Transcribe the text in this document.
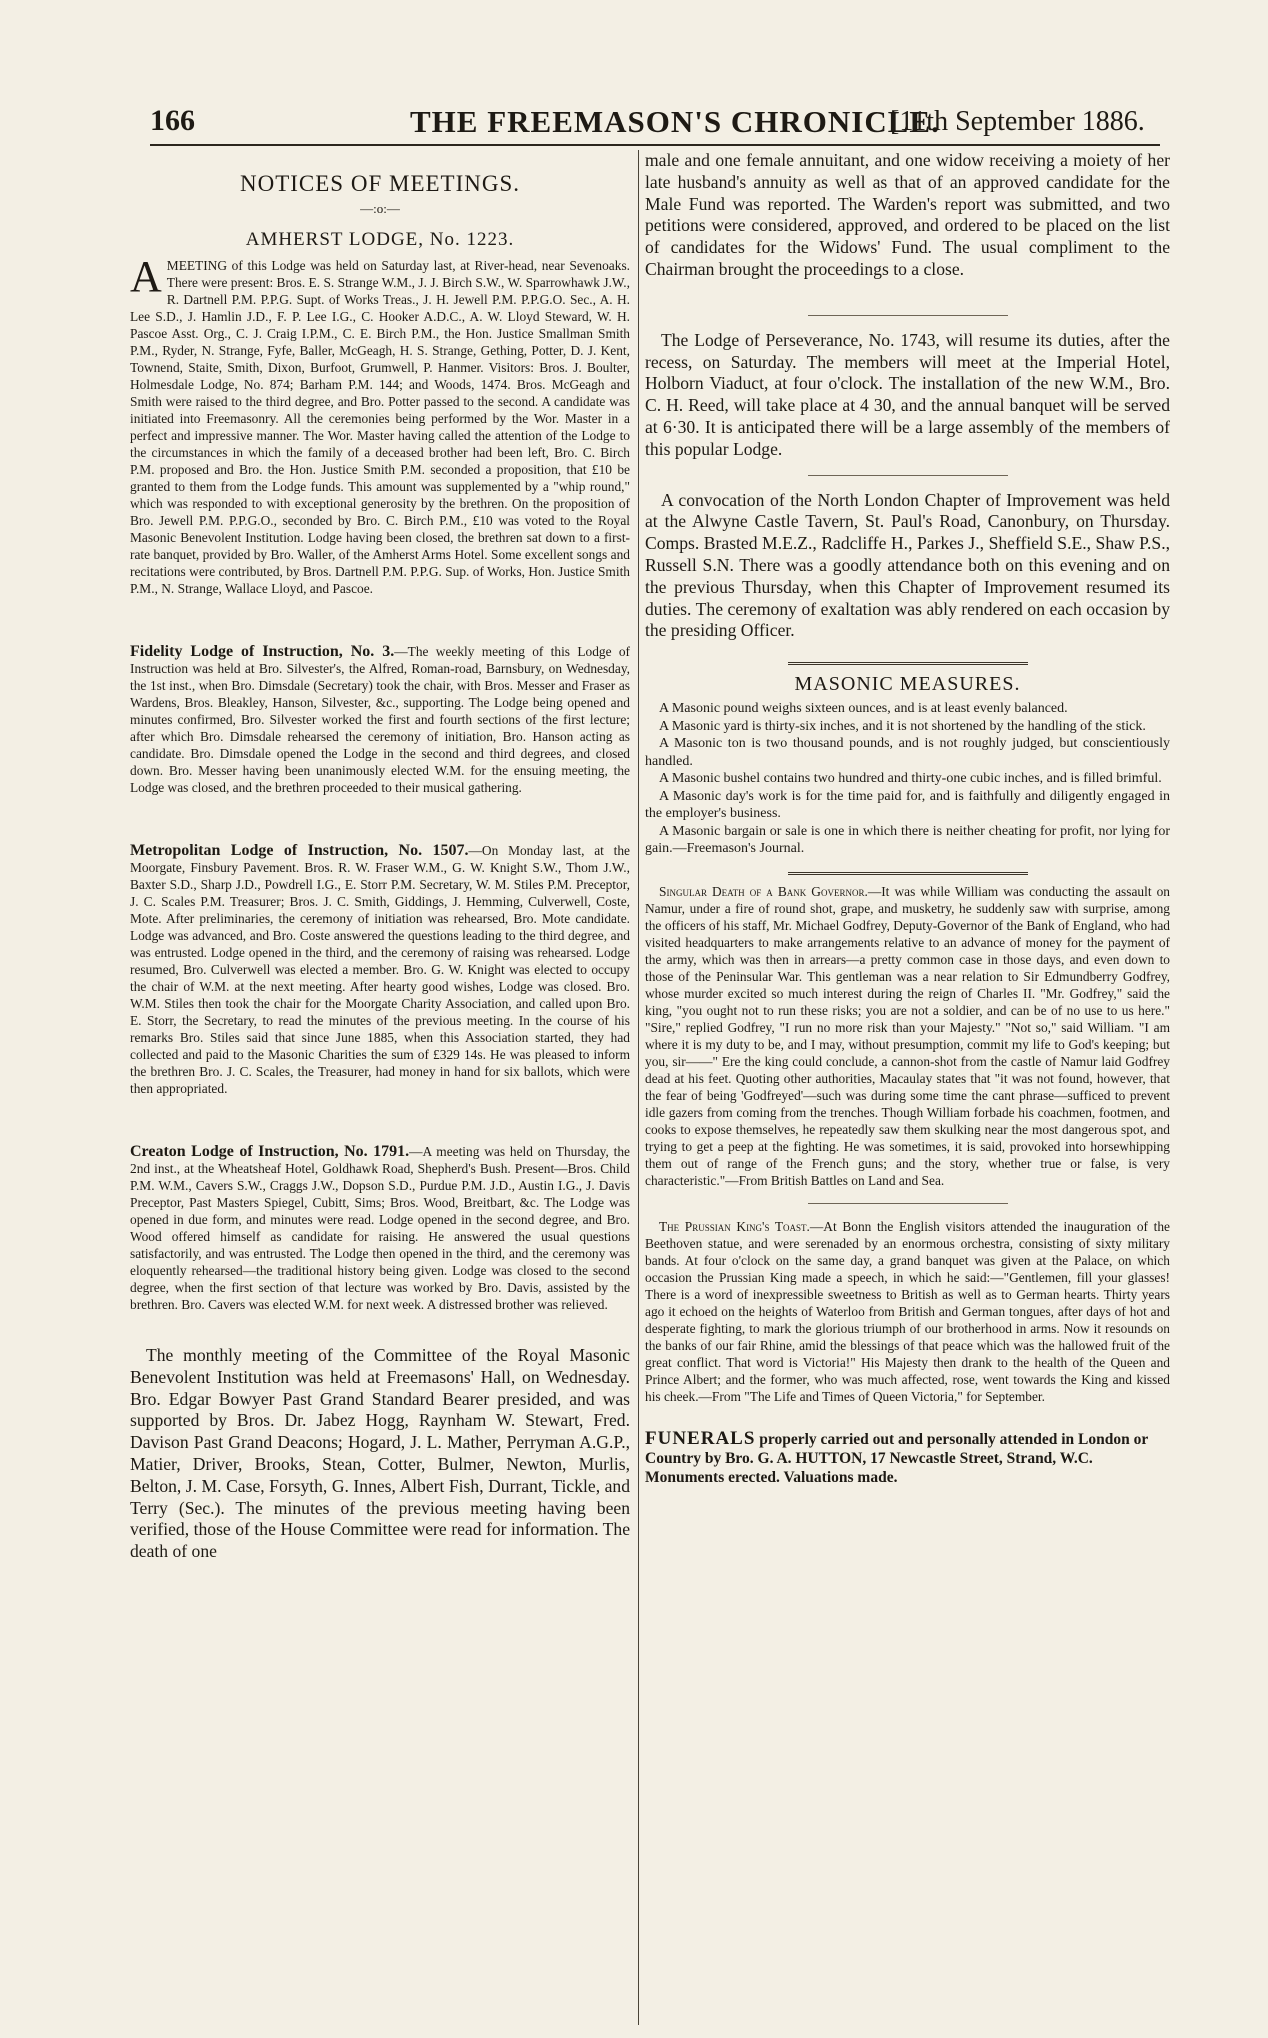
166	THE FREEMASON'S CHRONICLE.
[11th September 1886.
NOTICES OF MEETINGS.
—:o:—
AMHERST LODGE, No. 1223.

A MEETING of this Lodge was held on Saturday last, at River-head, near Sevenoaks. There were present: Bros. E. S. Strange W.M., J. J. Birch S.W., W. Sparrowhawk J.W., R. Dartnell P.M. P.P.G. Supt. of Works Treas., J. H. Jewell P.M. P.P.G.O. Sec., A. H. Lee S.D., J. Hamlin J.D., F. P. Lee I.G., C. Hooker A.D.C., A. W. Lloyd Steward, W. H. Pascoe Asst. Org., C. J. Craig I.P.M., C. E. Birch P.M., the Hon. Justice Smallman Smith P.M., Ryder, N. Strange, Fyfe, Baller, McGeagh, H. S. Strange, Gething, Potter, D. J. Kent, Townend, Staite, Smith, Dixon, Burfoot, Grumwell, P. Hanmer. Visitors: Bros. J. Boulter, Holmesdale Lodge, No. 874; Barham P.M. 144; and Woods, 1474. Bros. McGeagh and Smith were raised to the third degree, and Bro. Potter passed to the second. A candidate was initiated into Freemasonry. All the ceremonies being performed by the Wor. Master in a perfect and impressive manner. The Wor. Master having called the attention of the Lodge to the circumstances in which the family of a deceased brother had been left, Bro. C. Birch P.M. proposed and Bro. the Hon. Justice Smith P.M. seconded a proposition, that £10 be granted to them from the Lodge funds. This amount was supplemented by a "whip round," which was responded to with exceptional generosity by the brethren. On the proposition of Bro. Jewell P.M. P.P.G.O., seconded by Bro. C. Birch P.M., £10 was voted to the Royal Masonic Benevolent Institution. Lodge having been closed, the brethren sat down to a first-rate banquet, provided by Bro. Waller, of the Amherst Arms Hotel. Some excellent songs and recitations were contributed, by Bros. Dartnell P.M. P.P.G. Sup. of Works, Hon. Justice Smith P.M., N. Strange, Wallace Lloyd, and Pascoe.

Fidelity Lodge of Instruction, No. 3.—The weekly meeting of this Lodge of Instruction was held at Bro. Silvester's, the Alfred, Roman-road, Barnsbury, on Wednesday, the 1st inst., when Bro. Dimsdale (Secretary) took the chair, with Bros. Messer and Fraser as Wardens, Bros. Bleakley, Hanson, Silvester, &c., supporting. The Lodge being opened and minutes confirmed, Bro. Silvester worked the first and fourth sections of the first lecture; after which Bro. Dimsdale rehearsed the ceremony of initiation, Bro. Hanson acting as candidate. Bro. Dimsdale opened the Lodge in the second and third degrees, and closed down. Bro. Messer having been unanimously elected W.M. for the ensuing meeting, the Lodge was closed, and the brethren proceeded to their musical gathering.

Metropolitan Lodge of Instruction, No. 1507.—On Monday last, at the Moorgate, Finsbury Pavement. Bros. R. W. Fraser W.M., G. W. Knight S.W., Thom J.W., Baxter S.D., Sharp J.D., Powdrell I.G., E. Storr P.M. Secretary, W. M. Stiles P.M. Preceptor, J. C. Scales P.M. Treasurer; Bros. J. C. Smith, Giddings, J. Hemming, Culverwell, Coste, Mote. After preliminaries, the ceremony of initiation was rehearsed, Bro. Mote candidate. Lodge was advanced, and Bro. Coste answered the questions leading to the third degree, and was entrusted. Lodge opened in the third, and the ceremony of raising was rehearsed. Lodge resumed, Bro. Culverwell was elected a member. Bro. G. W. Knight was elected to occupy the chair of W.M. at the next meeting. After hearty good wishes, Lodge was closed. Bro. W.M. Stiles then took the chair for the Moorgate Charity Association, and called upon Bro. E. Storr, the Secretary, to read the minutes of the previous meeting. In the course of his remarks Bro. Stiles said that since June 1885, when this Association started, they had collected and paid to the Masonic Charities the sum of £329 14s. He was pleased to inform the brethren Bro. J. C. Scales, the Treasurer, had money in hand for six ballots, which were then appropriated.

Creaton Lodge of Instruction, No. 1791.—A meeting was held on Thursday, the 2nd inst., at the Wheatsheaf Hotel, Goldhawk Road, Shepherd's Bush. Present—Bros. Child P.M. W.M., Cavers S.W., Craggs J.W., Dopson S.D., Purdue P.M. J.D., Austin I.G., J. Davis Preceptor, Past Masters Spiegel, Cubitt, Sims; Bros. Wood, Breitbart, &c. The Lodge was opened in due form, and minutes were read. Lodge opened in the second degree, and Bro. Wood offered himself as candidate for raising. He answered the usual questions satisfactorily, and was entrusted. The Lodge then opened in the third, and the ceremony was eloquently rehearsed—the traditional history being given. Lodge was closed to the second degree, when the first section of that lecture was worked by Bro. Davis, assisted by the brethren. Bro. Cavers was elected W.M. for next week. A distressed brother was relieved.

The monthly meeting of the Committee of the Royal Masonic Benevolent Institution was held at Freemasons' Hall, on Wednesday. Bro. Edgar Bowyer Past Grand Standard Bearer presided, and was supported by Bros. Dr. Jabez Hogg, Raynham W. Stewart, Fred. Davison Past Grand Deacons; Hogard, J. L. Mather, Perryman A.G.P., Matier, Driver, Brooks, Stean, Cotter, Bulmer, Newton, Murlis, Belton, J. M. Case, Forsyth, G. Innes, Albert Fish, Durrant, Tickle, and Terry (Sec.). The minutes of the previous meeting having been verified, those of the House Committee were read for information. The death of one

male and one female annuitant, and one widow receiving a moiety of her late husband's annuity as well as that of an approved candidate for the Male Fund was reported. The Warden's report was submitted, and two petitions were considered, approved, and ordered to be placed on the list of candidates for the Widows' Fund. The usual compliment to the Chairman brought the proceedings to a close.

The Lodge of Perseverance, No. 1743, will resume its duties, after the recess, on Saturday. The members will meet at the Imperial Hotel, Holborn Viaduct, at four o'clock. The installation of the new W.M., Bro. C. H. Reed, will take place at 4 30, and the annual banquet will be served at 6·30. It is anticipated there will be a large assembly of the members of this popular Lodge.

A convocation of the North London Chapter of Improvement was held at the Alwyne Castle Tavern, St. Paul's Road, Canonbury, on Thursday. Comps. Brasted M.E.Z., Radcliffe H., Parkes J., Sheffield S.E., Shaw P.S., Russell S.N. There was a goodly attendance both on this evening and on the previous Thursday, when this Chapter of Improvement resumed its duties. The ceremony of exaltation was ably rendered on each occasion by the presiding Officer.

MASONIC MEASURES.

A Masonic pound weighs sixteen ounces, and is at least evenly balanced.

A Masonic yard is thirty-six inches, and it is not shortened by the handling of the stick.

A Masonic ton is two thousand pounds, and is not roughly judged, but conscientiously handled.

A Masonic bushel contains two hundred and thirty-one cubic inches, and is filled brimful.

A Masonic day's work is for the time paid for, and is faithfully and diligently engaged in the employer's business.

A Masonic bargain or sale is one in which there is neither cheating for profit, nor lying for gain.—Freemason's Journal.

Singular Death of a Bank Governor.—It was while William was conducting the assault on Namur, under a fire of round shot, grape, and musketry, he suddenly saw with surprise, among the officers of his staff, Mr. Michael Godfrey, Deputy-Governor of the Bank of England, who had visited headquarters to make arrangements relative to an advance of money for the payment of the army, which was then in arrears—a pretty common case in those days, and even down to those of the Peninsular War. This gentleman was a near relation to Sir Edmundberry Godfrey, whose murder excited so much interest during the reign of Charles II. "Mr. Godfrey," said the king, "you ought not to run these risks; you are not a soldier, and can be of no use to us here." "Sire," replied Godfrey, "I run no more risk than your Majesty." "Not so," said William. "I am where it is my duty to be, and I may, without presumption, commit my life to God's keeping; but you, sir——" Ere the king could conclude, a cannon-shot from the castle of Namur laid Godfrey dead at his feet. Quoting other authorities, Macaulay states that "it was not found, however, that the fear of being 'Godfreyed'—such was during some time the cant phrase—sufficed to prevent idle gazers from coming from the trenches. Though William forbade his coachmen, footmen, and cooks to expose themselves, he repeatedly saw them skulking near the most dangerous spot, and trying to get a peep at the fighting. He was sometimes, it is said, provoked into horsewhipping them out of range of the French guns; and the story, whether true or false, is very characteristic."—From British Battles on Land and Sea.

The Prussian King's Toast.—At Bonn the English visitors attended the inauguration of the Beethoven statue, and were serenaded by an enormous orchestra, consisting of sixty military bands. At four o'clock on the same day, a grand banquet was given at the Palace, on which occasion the Prussian King made a speech, in which he said:—"Gentlemen, fill your glasses! There is a word of inexpressible sweetness to British as well as to German hearts. Thirty years ago it echoed on the heights of Waterloo from British and German tongues, after days of hot and desperate fighting, to mark the glorious triumph of our brotherhood in arms. Now it resounds on the banks of our fair Rhine, amid the blessings of that peace which was the hallowed fruit of the great conflict. That word is Victoria!" His Majesty then drank to the health of the Queen and Prince Albert; and the former, who was much affected, rose, went towards the King and kissed his cheek.—From "The Life and Times of Queen Victoria," for September.

FUNERALS properly carried out and personally attended in London or Country by Bro. G. A. HUTTON, 17 Newcastle Street, Strand, W.C. Monuments erected. Valuations made.
